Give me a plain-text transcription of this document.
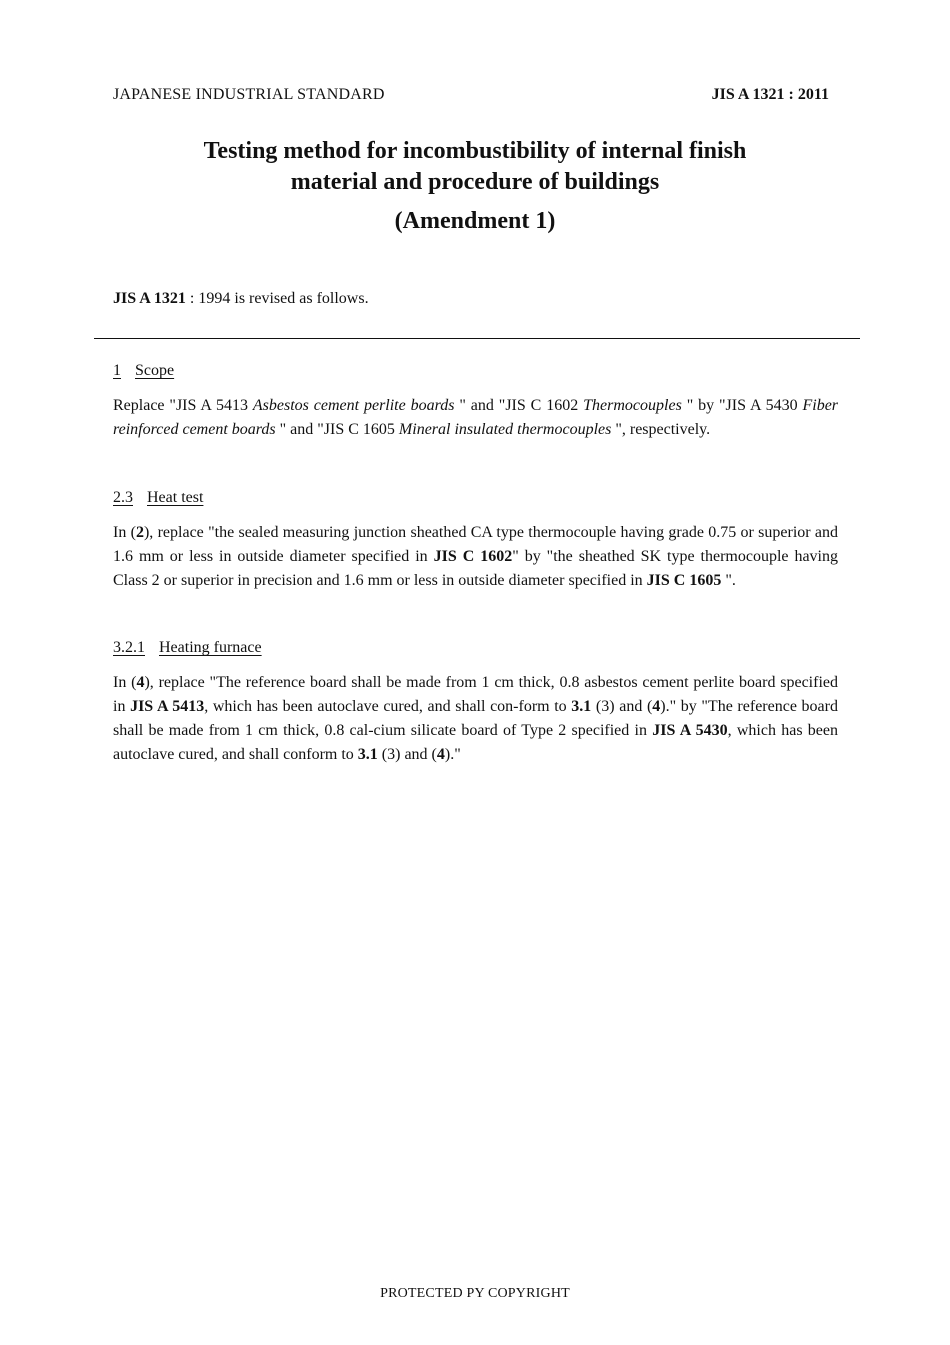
JAPANESE INDUSTRIAL STANDARD	JIS A 1321 : 2011
Testing method for incombustibility of internal finish
material and procedure of buildings
(Amendment 1)
JIS A 1321 : 1994 is revised as follows.
1 Scope

Replace "JIS A 5413 Asbestos cement perlite boards " and "JIS C 1602 Thermocouples " by "JIS A 5430 Fiber reinforced cement boards " and "JIS C 1605 Mineral insulated thermocouples ", respectively.

2.3 Heat test

In (2), replace "the sealed measuring junction sheathed CA type thermocouple having grade 0.75 or superior and 1.6 mm or less in outside diameter specified in JIS C 1602" by "the sheathed SK type thermocouple having Class 2 or superior in precision and 1.6 mm or less in outside diameter specified in JIS C 1605 ".

3.2.1 Heating furnace

In (4), replace "The reference board shall be made from 1 cm thick, 0.8 asbestos cement perlite board specified in JIS A 5413, which has been autoclave cured, and shall con-form to 3.1 (3) and (4)." by "The reference board shall be made from 1 cm thick, 0.8 cal-cium silicate board of Type 2 specified in JIS A 5430, which has been autoclave cured, and shall conform to 3.1 (3) and (4)."

PROTECTED PY COPYRIGHT
